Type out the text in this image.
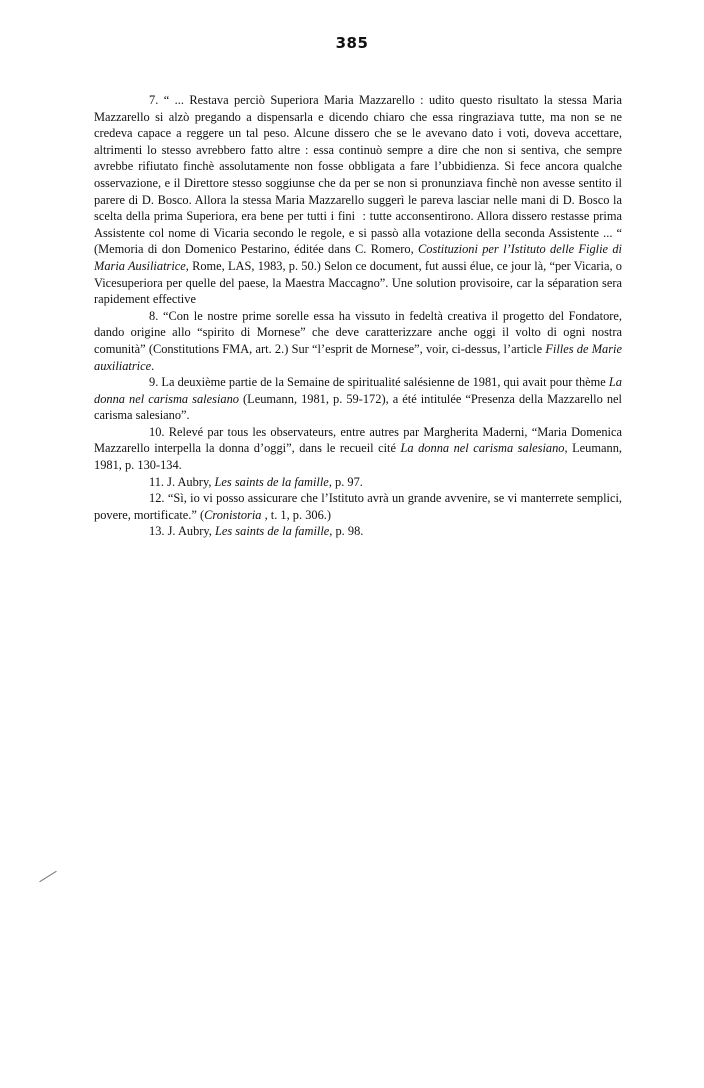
385

7. “ ... Restava perciò Superiora Maria Mazzarello : udito questo risultato la stessa Maria Mazzarello si alzò pregando a dispensarla e dicendo chiaro che essa ringraziava tutte, ma non se ne credeva capace a reggere un tal peso. Alcune dissero che se le avevano dato i voti, doveva accettare, altrimenti lo stesso avrebbero fatto altre : essa continuò sempre a dire che non si sentiva, che sempre avrebbe rifiutato finchè assolutamente non fosse obbligata a fare l’ubbidienza. Si fece ancora qualche osservazione, e il Direttore stesso soggiunse che da per se non si pronunziava finchè non avesse sentito il parere di D. Bosco. Allora la stessa Maria Mazzarello suggerì le pareva lasciar nelle mani di D. Bosco la scelta della prima Superiora, era bene per tutti i fini  : tutte acconsentirono. Allora dissero restasse prima Assistente col nome di Vicaria secondo le regole, e si passò alla votazione della seconda Assistente ... “ (Memoria di don Domenico Pestarino, éditée dans C. Romero, Costituzioni per l’Istituto delle Figlie di Maria Ausiliatrice, Rome, LAS, 1983, p. 50.) Selon ce document, fut aussi élue, ce jour là, “per Vicaria, o Vicesuperiora per quelle del paese, la Maestra Maccagno”. Une solution provisoire, car la séparation sera rapidement effective

8. “Con le nostre prime sorelle essa ha vissuto in fedeltà creativa il progetto del Fondatore, dando origine allo “spirito di Mornese” che deve caratterizzare anche oggi il volto di ogni nostra comunità” (Constitutions FMA, art. 2.) Sur “l’esprit de Mornese”, voir, ci-dessus, l’article Filles de Marie auxiliatrice.

9. La deuxième partie de la Semaine de spiritualité salésienne de 1981, qui avait pour thème La donna nel carisma salesiano (Leumann, 1981, p. 59-172), a été intitulée “Presenza della Mazzarello nel carisma salesiano”.

10. Relevé par tous les observateurs, entre autres par Margherita Maderni, “Maria Domenica Mazzarello interpella la donna d’oggi”, dans le recueil cité La donna nel carisma salesiano, Leumann, 1981, p. 130-134.

11. J. Aubry, Les saints de la famille, p. 97.

12. “Sì, io vi posso assicurare che l’Istituto avrà un grande avvenire, se vi manterrete semplici, povere, mortificate.” (Cronistoria , t. 1, p. 306.)

13. J. Aubry, Les saints de la famille, p. 98.
